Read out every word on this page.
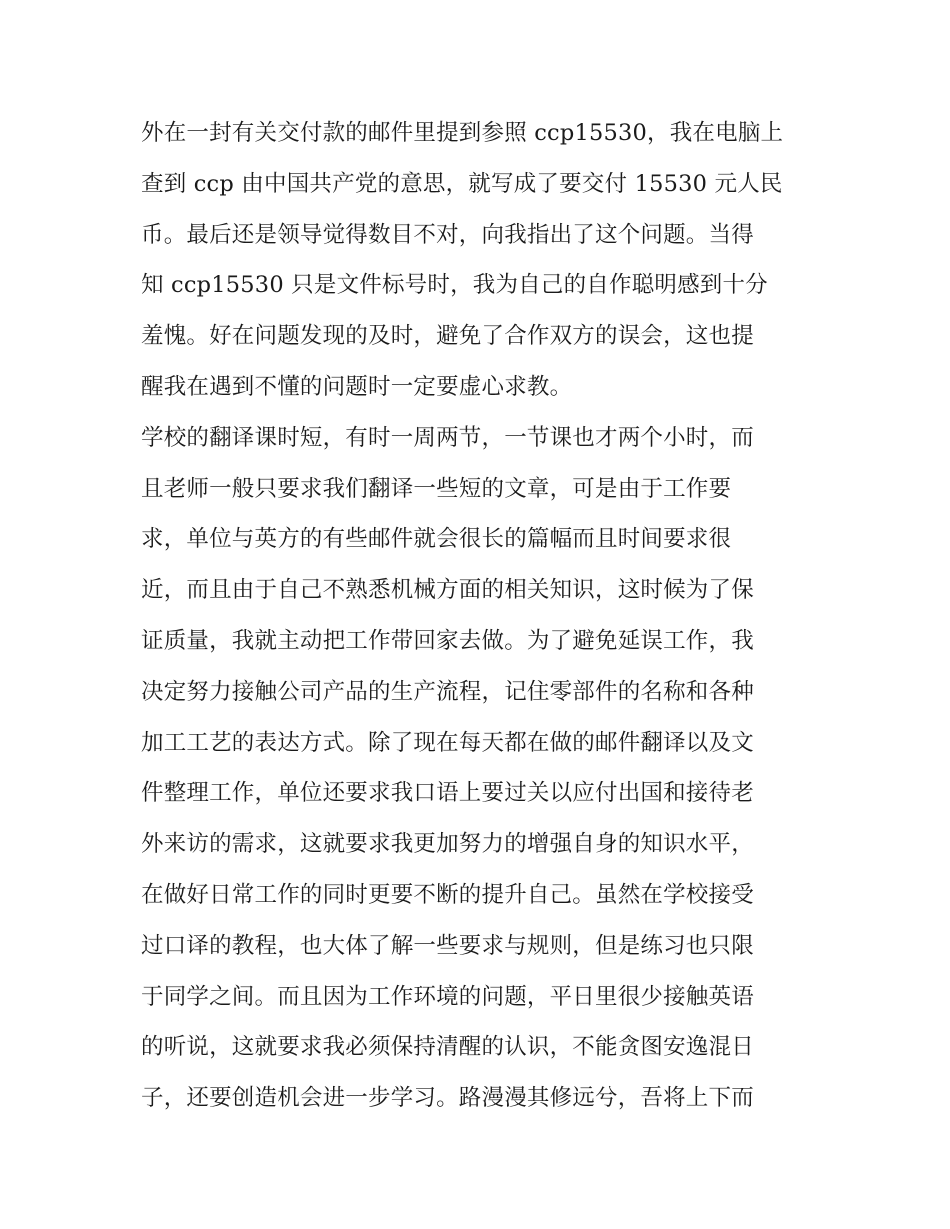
外在一封有关交付款的邮件里提到参照 ccp15530，我在电脑上
查到 ccp 由中国共产党的意思，就写成了要交付 15530 元人民
币。最后还是领导觉得数目不对，向我指出了这个问题。当得
知 ccp15530 只是文件标号时，我为自己的自作聪明感到十分
羞愧。好在问题发现的及时，避免了合作双方的误会，这也提
醒我在遇到不懂的问题时一定要虚心求教。
学校的翻译课时短，有时一周两节，一节课也才两个小时，而
且老师一般只要求我们翻译一些短的文章，可是由于工作要
求，单位与英方的有些邮件就会很长的篇幅而且时间要求很
近，而且由于自己不熟悉机械方面的相关知识，这时候为了保
证质量，我就主动把工作带回家去做。为了避免延误工作，我
决定努力接触公司产品的生产流程，记住零部件的名称和各种
加工工艺的表达方式。除了现在每天都在做的邮件翻译以及文
件整理工作，单位还要求我口语上要过关以应付出国和接待老
外来访的需求，这就要求我更加努力的增强自身的知识水平，
在做好日常工作的同时更要不断的提升自己。虽然在学校接受
过口译的教程，也大体了解一些要求与规则，但是练习也只限
于同学之间。而且因为工作环境的问题，平日里很少接触英语
的听说，这就要求我必须保持清醒的认识，不能贪图安逸混日
子，还要创造机会进一步学习。路漫漫其修远兮，吾将上下而
